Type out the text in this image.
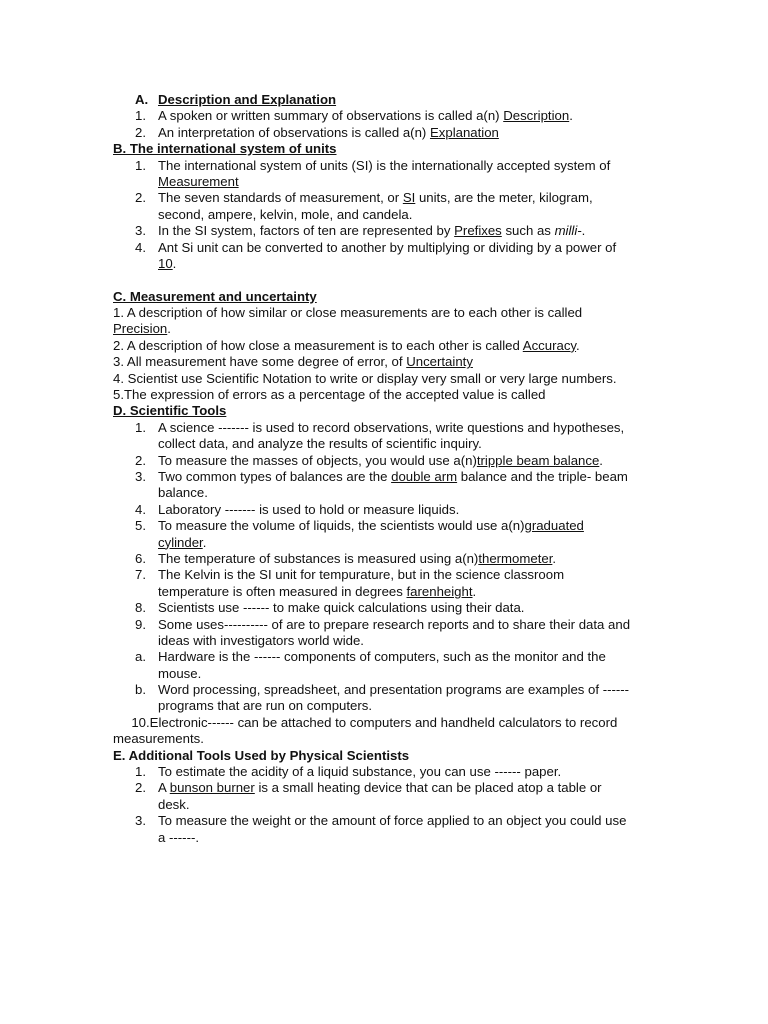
A. Description and Explanation
1. A spoken or written summary of observations is called a(n) Description.
2. An interpretation of observations is called a(n) Explanation
B. The international system of units
1. The international system of units (SI) is the internationally accepted system of
Measurement
2. The seven standards of measurement, or SI units, are the meter, kilogram,
second, ampere, kelvin, mole, and candela.
3. In the SI system, factors of ten are represented by Prefixes such as milli-.
4. Ant Si unit can be converted to another by multiplying or dividing by a power of
10.
C. Measurement and uncertainty
1. A description of how similar or close measurements are to each other is called
Precision.
2. A description of how close a measurement is to each other is called Accuracy.
3. All measurement have some degree of error, of Uncertainty
4. Scientist use Scientific Notation to write or display very small or very large numbers.
5.The expression of errors as a percentage of the accepted value is called
D. Scientific Tools
1. A science ------- is used to record observations, write questions and hypotheses,
collect data, and analyze the results of scientific inquiry.
2. To measure the masses of objects, you would use a(n)tripple beam balance.
3. Two common types of balances are the double arm balance and the triple- beam
balance.
4. Laboratory ------- is used to hold or measure liquids.
5. To measure the volume of liquids, the scientists would use a(n)graduated
cylinder.
6. The temperature of substances is measured using a(n)thermometer.
7. The Kelvin is the SI unit for tempurature, but in the science classroom
temperature is often measured in degrees farenheight.
8. Scientists use ------ to make quick calculations using their data.
9. Some uses---------- of are to prepare research reports and to share their data and
ideas with investigators world wide.
a. Hardware is the ------ components of computers, such as the monitor and the
mouse.
b. Word processing, spreadsheet, and presentation programs are examples of ------
programs that are run on computers.
10.Electronic------ can be attached to computers and handheld calculators to record
measurements.
E. Additional Tools Used by Physical Scientists
1. To estimate the acidity of a liquid substance, you can use ------ paper.
2. A bunson burner is a small heating device that can be placed atop a table or
desk.
3. To measure the weight or the amount of force applied to an object you could use
a ------.
